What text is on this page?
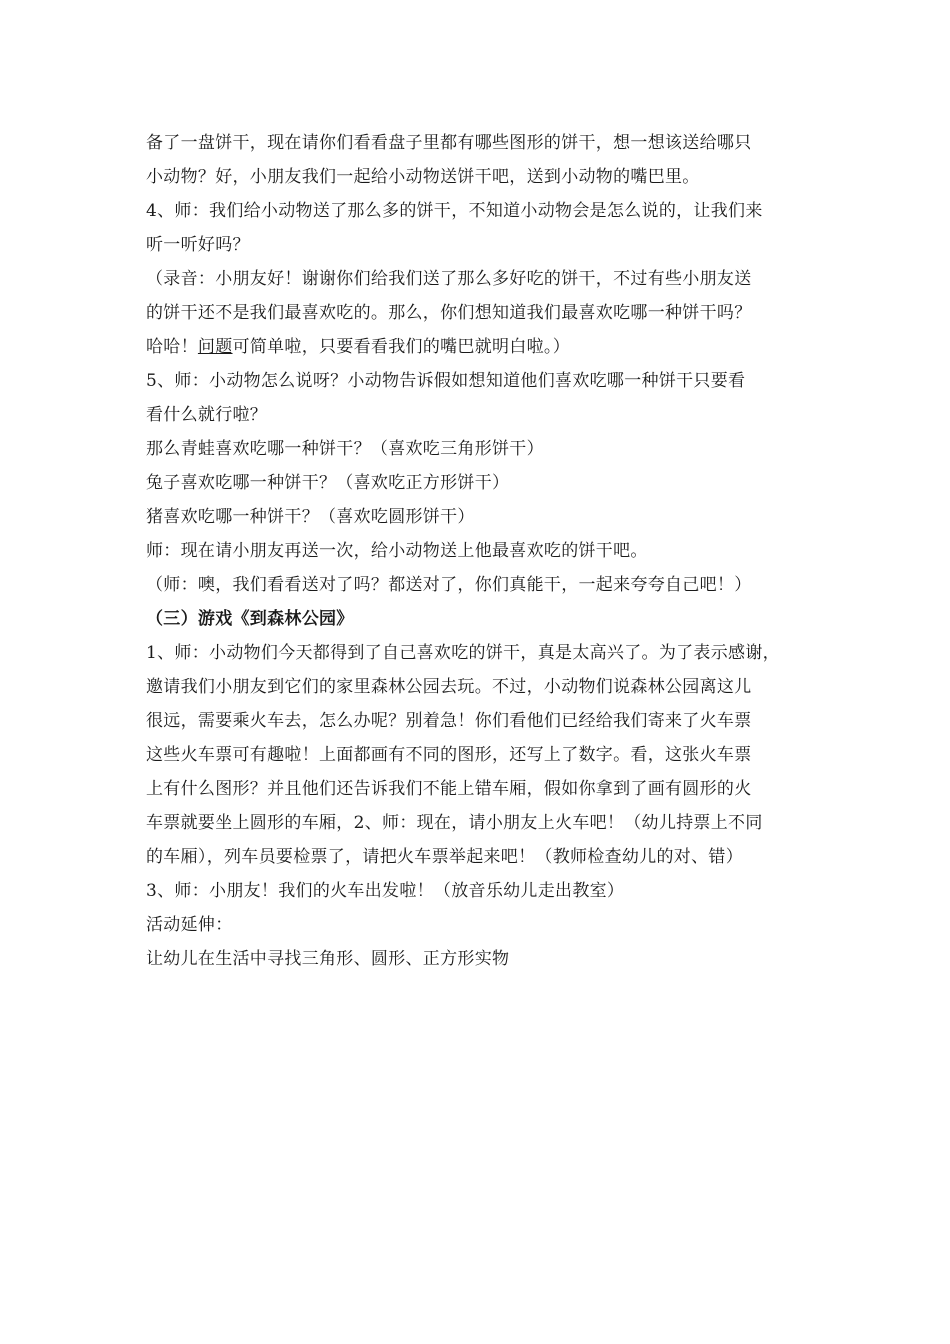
备了一盘饼干，现在请你们看看盘子里都有哪些图形的饼干，想一想该送给哪只
小动物？好，小朋友我们一起给小动物送饼干吧，送到小动物的嘴巴里。
4、师：我们给小动物送了那么多的饼干，不知道小动物会是怎么说的，让我们来
听一听好吗？
（录音：小朋友好！谢谢你们给我们送了那么多好吃的饼干，不过有些小朋友送
的饼干还不是我们最喜欢吃的。那么，你们想知道我们最喜欢吃哪一种饼干吗？
哈哈！问题可简单啦，只要看看我们的嘴巴就明白啦。）
5、师：小动物怎么说呀？小动物告诉假如想知道他们喜欢吃哪一种饼干只要看
看什么就行啦？
那么青蛙喜欢吃哪一种饼干？（喜欢吃三角形饼干）
兔子喜欢吃哪一种饼干？（喜欢吃正方形饼干）
猪喜欢吃哪一种饼干？（喜欢吃圆形饼干）
师：现在请小朋友再送一次，给小动物送上他最喜欢吃的饼干吧。
（师：噢，我们看看送对了吗？都送对了，你们真能干，一起来夸夸自己吧！）
（三）游戏《到森林公园》
1、师：小动物们今天都得到了自己喜欢吃的饼干，真是太高兴了。为了表示感谢，
邀请我们小朋友到它们的家里森林公园去玩。不过，小动物们说森林公园离这儿
很远，需要乘火车去，怎么办呢？别着急！你们看他们已经给我们寄来了火车票
这些火车票可有趣啦！上面都画有不同的图形，还写上了数字。看，这张火车票
上有什么图形？并且他们还告诉我们不能上错车厢，假如你拿到了画有圆形的火
车票就要坐上圆形的车厢，2、师：现在，请小朋友上火车吧！（幼儿持票上不同
的车厢），列车员要检票了，请把火车票举起来吧！（教师检查幼儿的对、错）
3、师：小朋友！我们的火车出发啦！（放音乐幼儿走出教室）
活动延伸：
让幼儿在生活中寻找三角形、圆形、正方形实物
